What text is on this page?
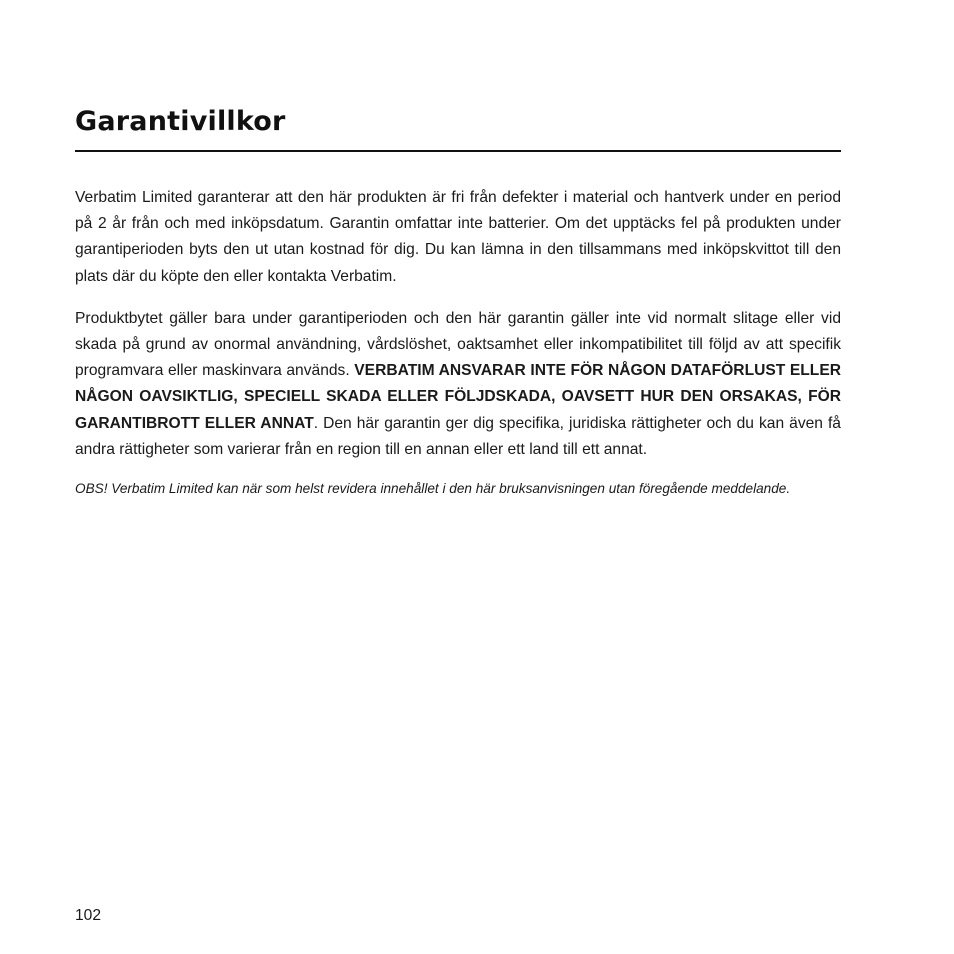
Garantivillkor

Verbatim Limited garanterar att den här produkten är fri från defekter i material och hantverk under en period på 2 år från och med inköpsdatum. Garantin omfattar inte batterier. Om det upptäcks fel på produkten under garantiperioden byts den ut utan kostnad för dig. Du kan lämna in den tillsammans med inköpskvittot till den plats där du köpte den eller kontakta Verbatim.

Produktbytet gäller bara under garantiperioden och den här garantin gäller inte vid normalt slitage eller vid skada på grund av onormal användning, vårdslöshet, oaktsamhet eller inkompatibilitet till följd av att specifik programvara eller maskinvara används. VERBATIM ANSVARAR INTE FÖR NÅGON DATAFÖRLUST ELLER NÅGON OAVSIKTLIG, SPECIELL SKADA ELLER FÖLJDSKADA, OAVSETT HUR DEN ORSAKAS, FÖR GARANTIBROTT ELLER ANNAT. Den här garantin ger dig specifika, juridiska rättigheter och du kan även få andra rättigheter som varierar från en region till en annan eller ett land till ett annat.

OBS! Verbatim Limited kan när som helst revidera innehållet i den här bruksanvisningen utan föregående meddelande.

102
